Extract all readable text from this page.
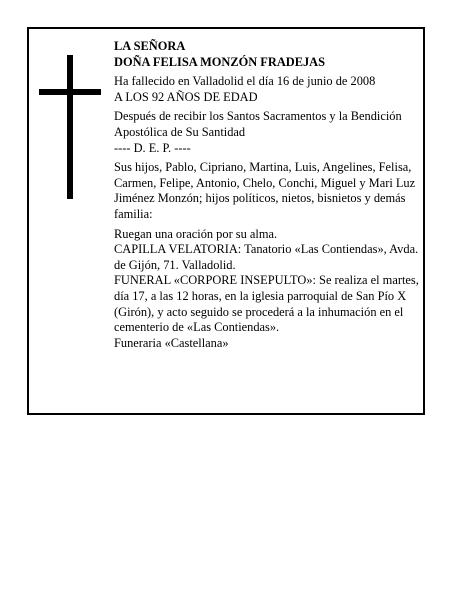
LA SEÑORA

DOÑA FELISA MONZÓN FRADEJAS

Ha fallecido en Valladolid el día 16 de junio de 2008

A LOS 92 AÑOS DE EDAD

Después de recibir los Santos Sacramentos y la Bendición Apostólica de Su Santidad

---- D. E. P. ----

Sus hijos, Pablo, Cipriano, Martina, Luis, Angelines, Felisa, Carmen, Felipe, Antonio, Chelo, Conchi, Miguel y Mari Luz Jiménez Monzón; hijos políticos, nietos, bisnietos y demás familia:

Ruegan una oración por su alma.

CAPILLA VELATORIA: Tanatorio «Las Contiendas», Avda. de Gijón, 71. Valladolid.

FUNERAL «CORPORE INSEPULTO»: Se realiza el martes, día 17, a las 12 horas, en la iglesia parroquial de San Pío X (Girón), y acto seguido se procederá a la inhumación en el cementerio de «Las Contiendas».

Funeraria «Castellana»
